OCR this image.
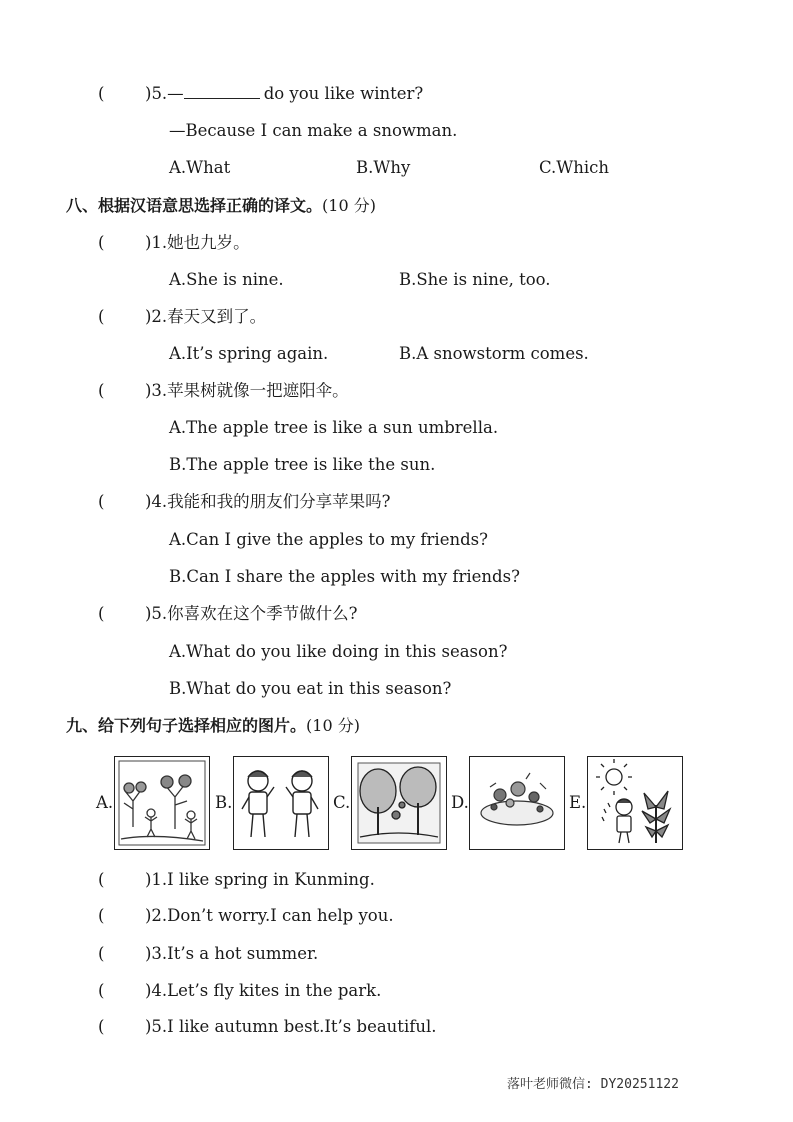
( )5.—	do you like winter?
—Because I can make a snowman.
A.What	B.Why	C.Which
八、根据汉语意思选择正确的译文。(10 分)
( )1.她也九岁。
A.She is nine.	B.She is nine, too.
( )2.春天又到了。
A.It’s spring again.	B.A snowstorm comes.
( )3.苹果树就像一把遮阳伞。
A.The apple tree is like a sun umbrella.
B.The apple tree is like the sun.
( )4.我能和我的朋友们分享苹果吗?
A.Can I give the apples to my friends?
B.Can I share the apples with my friends?
( )5.你喜欢在这个季节做什么?
A.What do you like doing in this season?
B.What do you eat in this season?
九、给下列句子选择相应的图片。(10 分)
A.	B.	C.	D.	E.
( )1.I like spring in Kunming.
( )2.Don’t worry.I can help you.
( )3.It’s a hot summer.
( )4.Let’s fly kites in the park.
( )5.I like autumn best.It’s beautiful.
落叶老师微信: DY20251122
